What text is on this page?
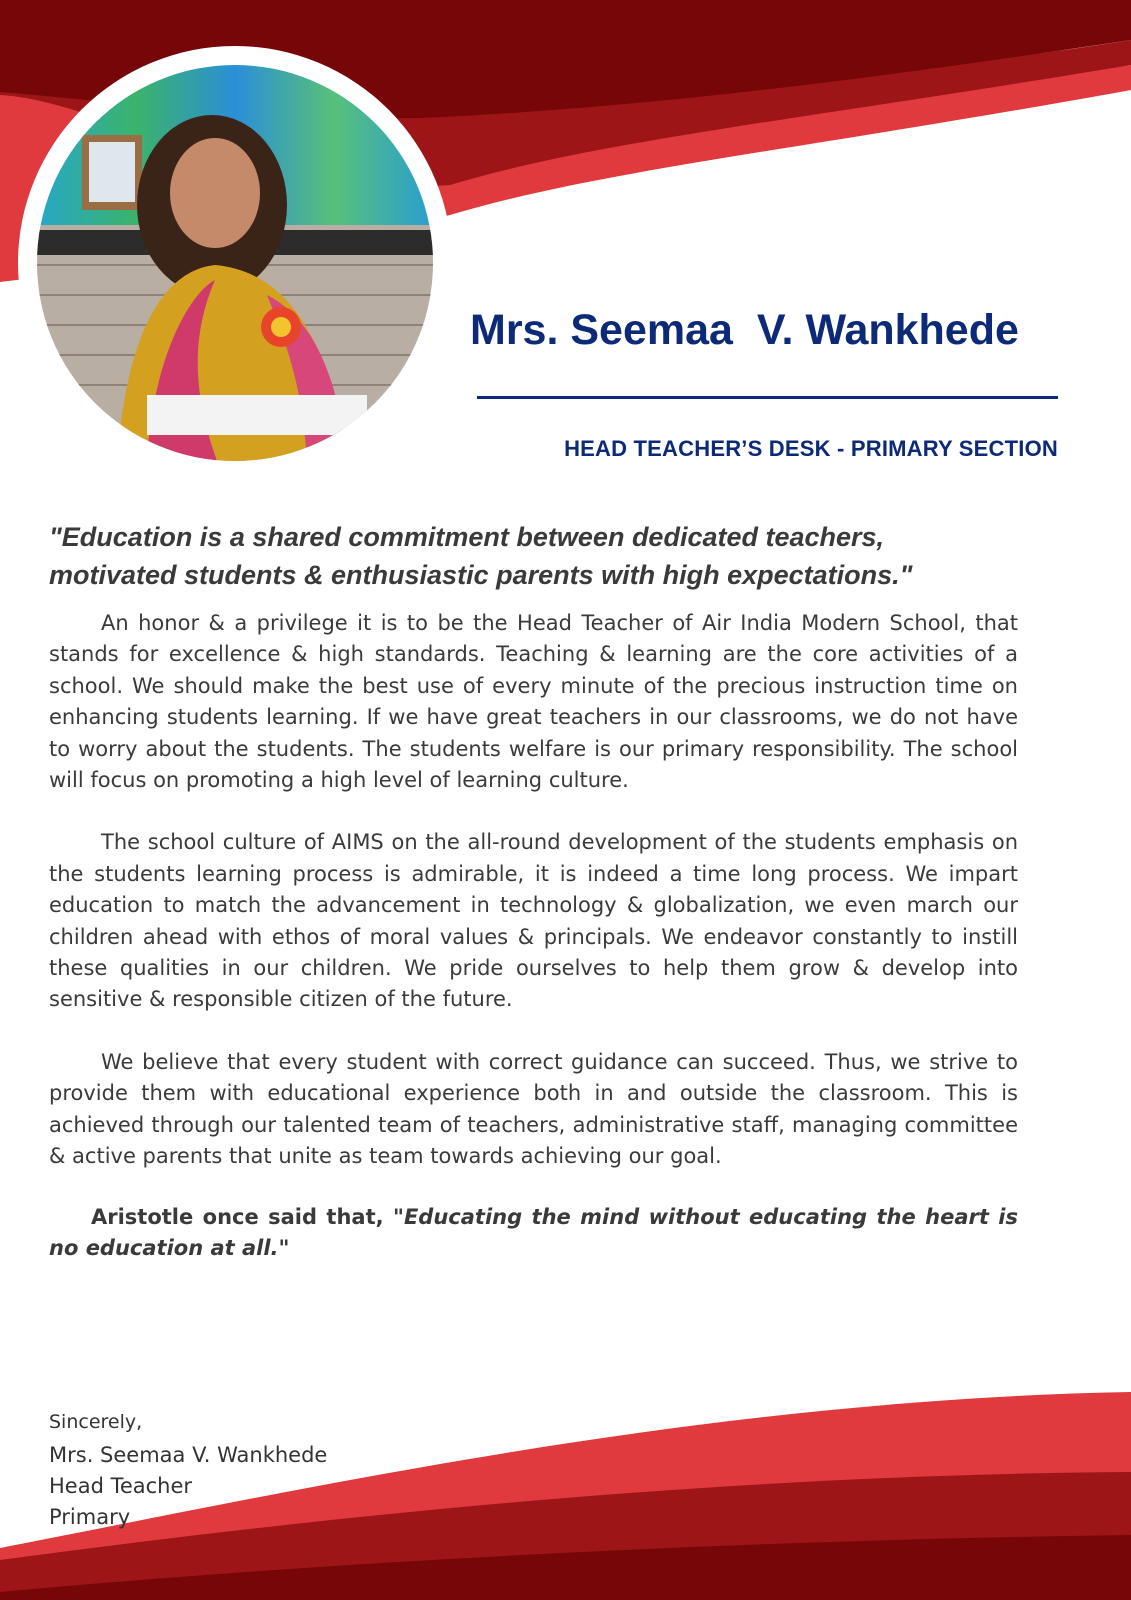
Mrs. Seemaa  V. Wankhede
HEAD TEACHER’S DESK - PRIMARY SECTION

"Education is a shared commitment between dedicated teachers, motivated students & enthusiastic parents with high expectations."

An honor & a privilege it is to be the Head Teacher of Air India Modern School, that stands for excellence & high standards. Teaching & learning are the core activities of a school. We should make the best use of every minute of the precious instruction time on enhancing students learning. If we have great teachers in our classrooms, we do not have to worry about the students. The students welfare is our primary responsibility. The school will focus on promoting a high level of learning culture.

The school culture of AIMS on the all-round development of the students emphasis on the students learning process is admirable, it is indeed a time long process. We impart education to match the advancement in technology & globalization, we even march our children ahead with ethos of moral values & principals. We endeavor constantly to instill these qualities in our children. We pride ourselves to help them grow & develop into sensitive & responsible citizen of the future.

We believe that every student with correct guidance can succeed. Thus, we strive to provide them with educational experience both in and outside the classroom. This is achieved through our talented team of teachers, administrative staff, managing committee & active parents that unite as team towards achieving our goal.

Aristotle once said that, "Educating the mind without educating the heart is no education at all."

Sincerely,

Mrs. Seemaa V. Wankhede

Head Teacher

Primary
